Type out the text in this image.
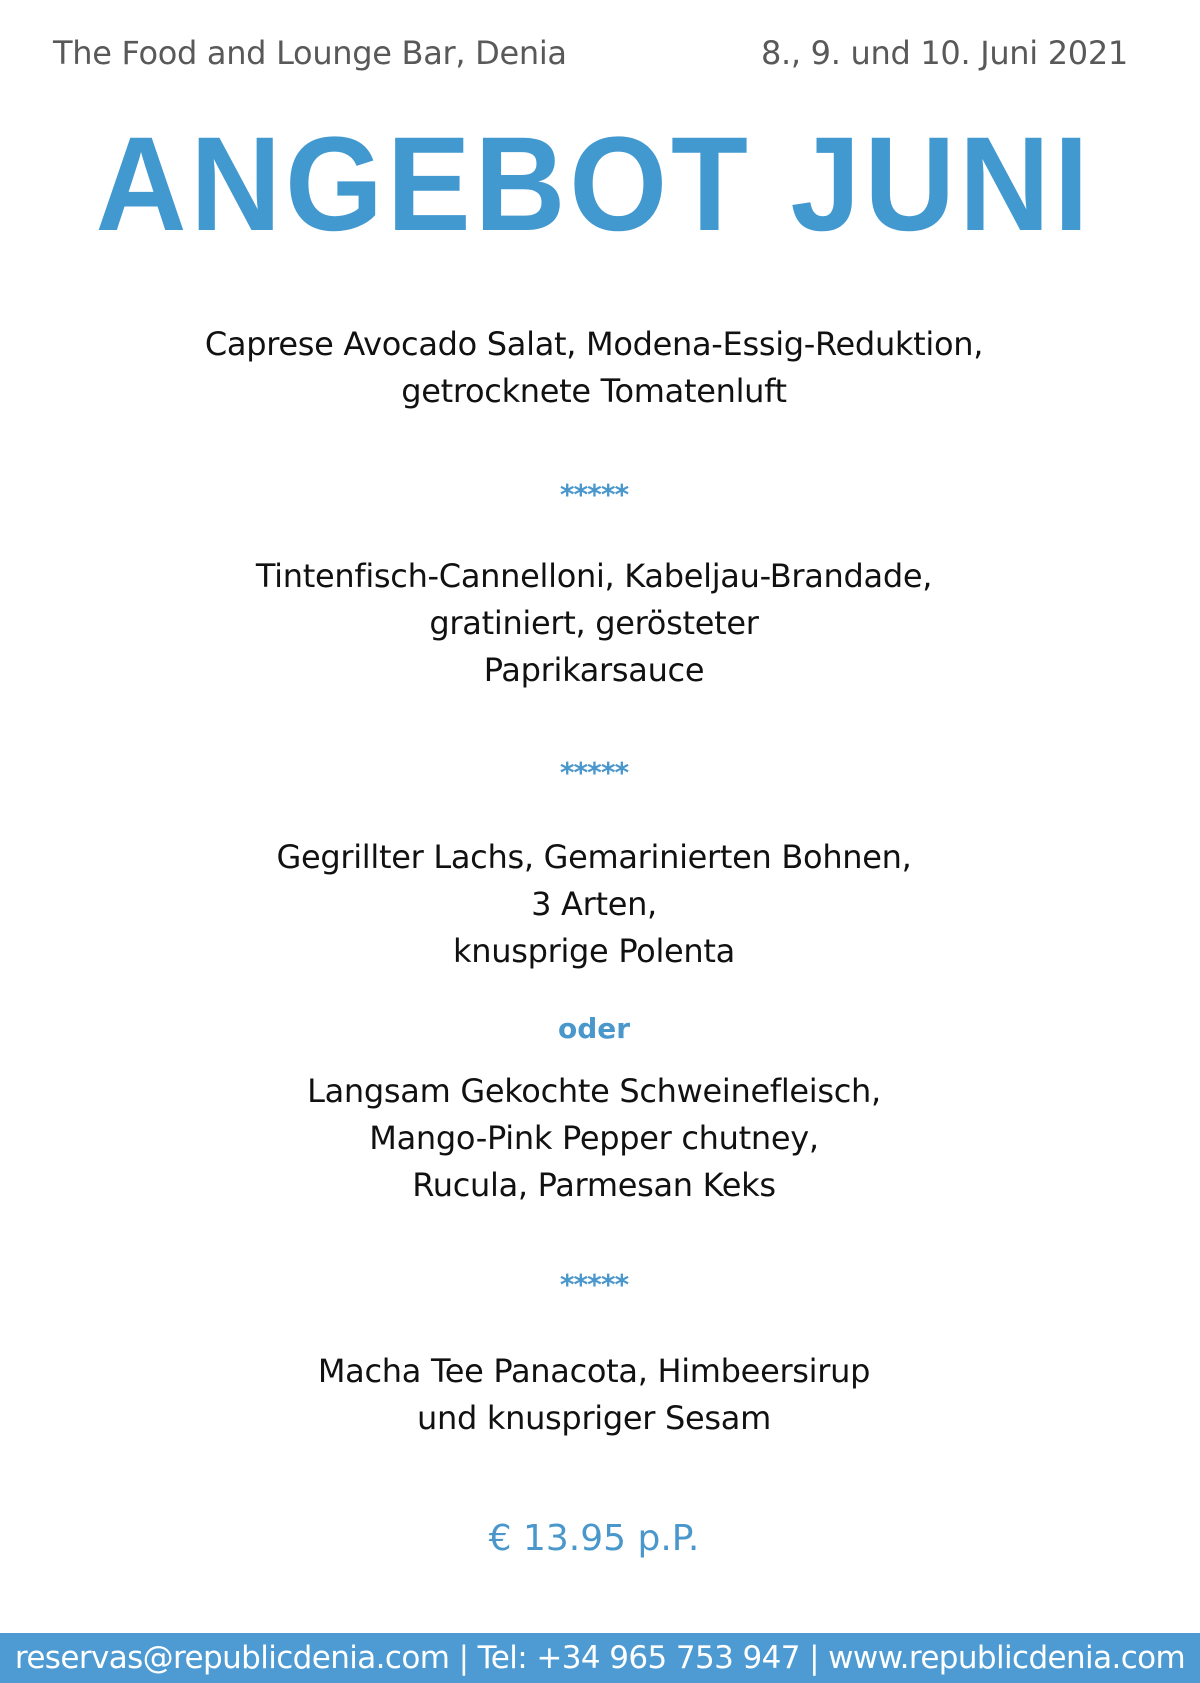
The Food and Lounge Bar, Denia	8., 9. und 10. Juni 2021
ANGEBOT JUNI
Caprese Avocado Salat, Modena-Essig-Reduktion,
getrocknete Tomatenluft
*****
Tintenfisch-Cannelloni, Kabeljau-Brandade,
gratiniert, gerösteter
Paprikarsauce
*****
Gegrillter Lachs, Gemarinierten Bohnen,
3 Arten,
knusprige Polenta
oder
Langsam Gekochte Schweinefleisch,
Mango-Pink Pepper chutney,
Rucula, Parmesan Keks
*****
Macha Tee Panacota, Himbeersirup
und knuspriger Sesam
€ 13.95 p.P.
reservas@republicdenia.com | Tel: +34 965 753 947 | www.republicdenia.com
